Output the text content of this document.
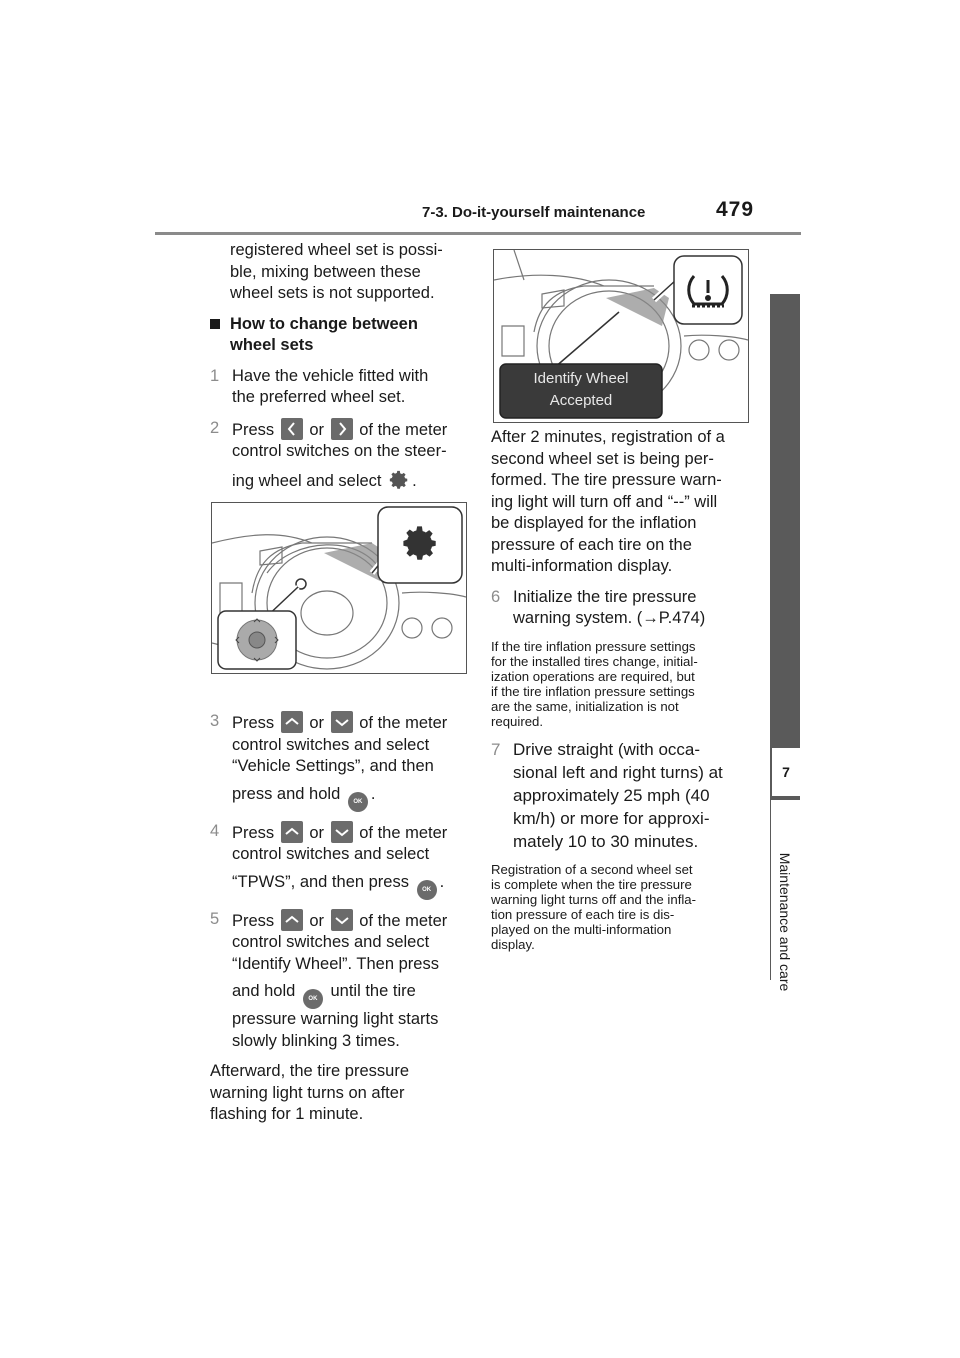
7-3. Do-it-yourself maintenance	479
7
Maintenance and care
registered wheel set is possi-
ble, mixing between these
wheel sets is not supported.
How to change between
wheel sets
1 Have the vehicle fitted with
the preferred wheel set.
2 Press or of the meter
control switches on the steer-
ing wheel and select .
3 Press or of the meter
control switches and select
“Vehicle Settings”, and then
press and hold OK .
4 Press or of the meter
control switches and select
“TPWS”, and then press OK .
5 Press or of the meter
control switches and select
“Identify Wheel”. Then press
and hold OK until the tire
pressure warning light starts
slowly blinking 3 times.
Afterward, the tire pressure
warning light turns on after
flashing for 1 minute.
Identify Wheel
Accepted
After 2 minutes, registration of a
second wheel set is being per-
formed. The tire pressure warn-
ing light will turn off and “--” will
be displayed for the inflation
pressure of each tire on the
multi-information display.
6 Initialize the tire pressure
warning system. (→P.474)
If the tire inflation pressure settings
for the installed tires change, initial-
ization operations are required, but
if the tire inflation pressure settings
are the same, initialization is not
required.
7 Drive straight (with occa-
sional left and right turns) at
approximately 25 mph (40
km/h) or more for approxi-
mately 10 to 30 minutes.
Registration of a second wheel set
is complete when the tire pressure
warning light turns off and the infla-
tion pressure of each tire is dis-
played on the multi-information
display.
